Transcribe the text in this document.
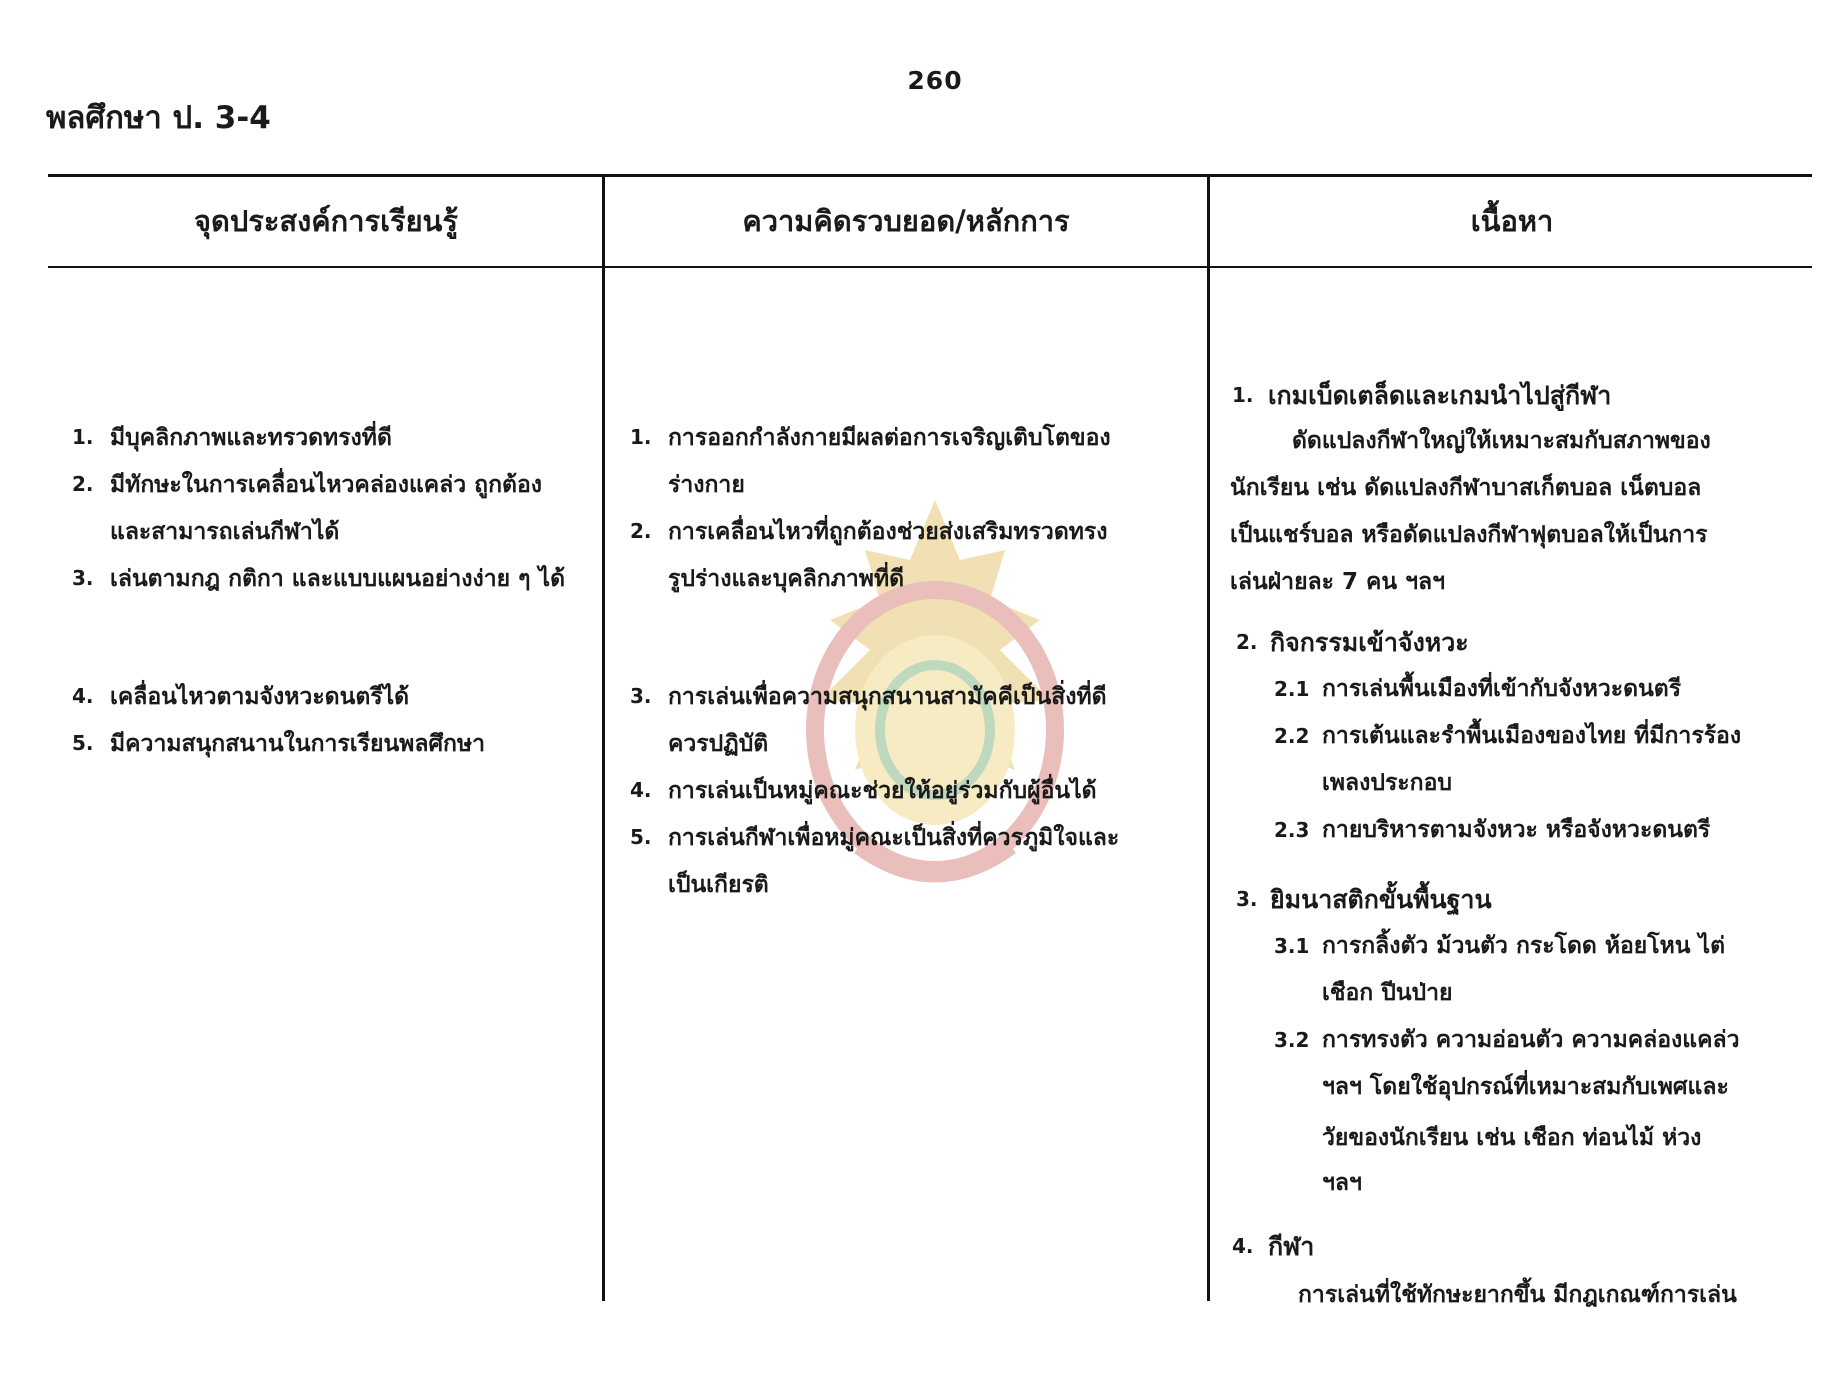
260
พลศึกษา ป. 3-4
จุดประสงค์การเรียนรู้	ความคิดรวบยอด/หลักการ	เนื้อหา
1. มีบุคลิกภาพและทรวดทรงที่ดี
2. มีทักษะในการเคลื่อนไหวคล่องแคล่ว ถูกต้อง
และสามารถเล่นกีฬาได้
3. เล่นตามกฎ กติกา และแบบแผนอย่างง่าย ๆ ได้
4. เคลื่อนไหวตามจังหวะดนตรีได้
5. มีความสนุกสนานในการเรียนพลศึกษา
1. การออกกำลังกายมีผลต่อการเจริญเติบโตของ
ร่างกาย
2. การเคลื่อนไหวที่ถูกต้องช่วยส่งเสริมทรวดทรง
รูปร่างและบุคลิกภาพที่ดี
3. การเล่นเพื่อความสนุกสนานสามัคคีเป็นสิ่งที่ดี
ควรปฏิบัติ
4. การเล่นเป็นหมู่คณะช่วยให้อยู่ร่วมกับผู้อื่นได้
5. การเล่นกีฬาเพื่อหมู่คณะเป็นสิ่งที่ควรภูมิใจและ
เป็นเกียรติ
1. เกมเบ็ดเตล็ดและเกมนำไปสู่กีฬา
ดัดแปลงกีฬาใหญ่ให้เหมาะสมกับสภาพของ
นักเรียน เช่น ดัดแปลงกีฬาบาสเก็ตบอล เน็ตบอล
เป็นแชร์บอล หรือดัดแปลงกีฬาฟุตบอลให้เป็นการ
เล่นฝ่ายละ 7 คน ฯลฯ
2. กิจกรรมเข้าจังหวะ
2.1 การเล่นพื้นเมืองที่เข้ากับจังหวะดนตรี
2.2 การเต้นและรำพื้นเมืองของไทย ที่มีการร้อง
เพลงประกอบ
2.3 กายบริหารตามจังหวะ หรือจังหวะดนตรี
3. ยิมนาสติกขั้นพื้นฐาน
3.1 การกลิ้งตัว ม้วนตัว กระโดด ห้อยโหน ไต่
เชือก ปีนป่าย
3.2 การทรงตัว ความอ่อนตัว ความคล่องแคล่ว
ฯลฯ โดยใช้อุปกรณ์ที่เหมาะสมกับเพศและ
วัยของนักเรียน เช่น เชือก ท่อนไม้ ห่วง
ฯลฯ
4. กีฬา
การเล่นที่ใช้ทักษะยากขึ้น มีกฎเกณฑ์การเล่น
